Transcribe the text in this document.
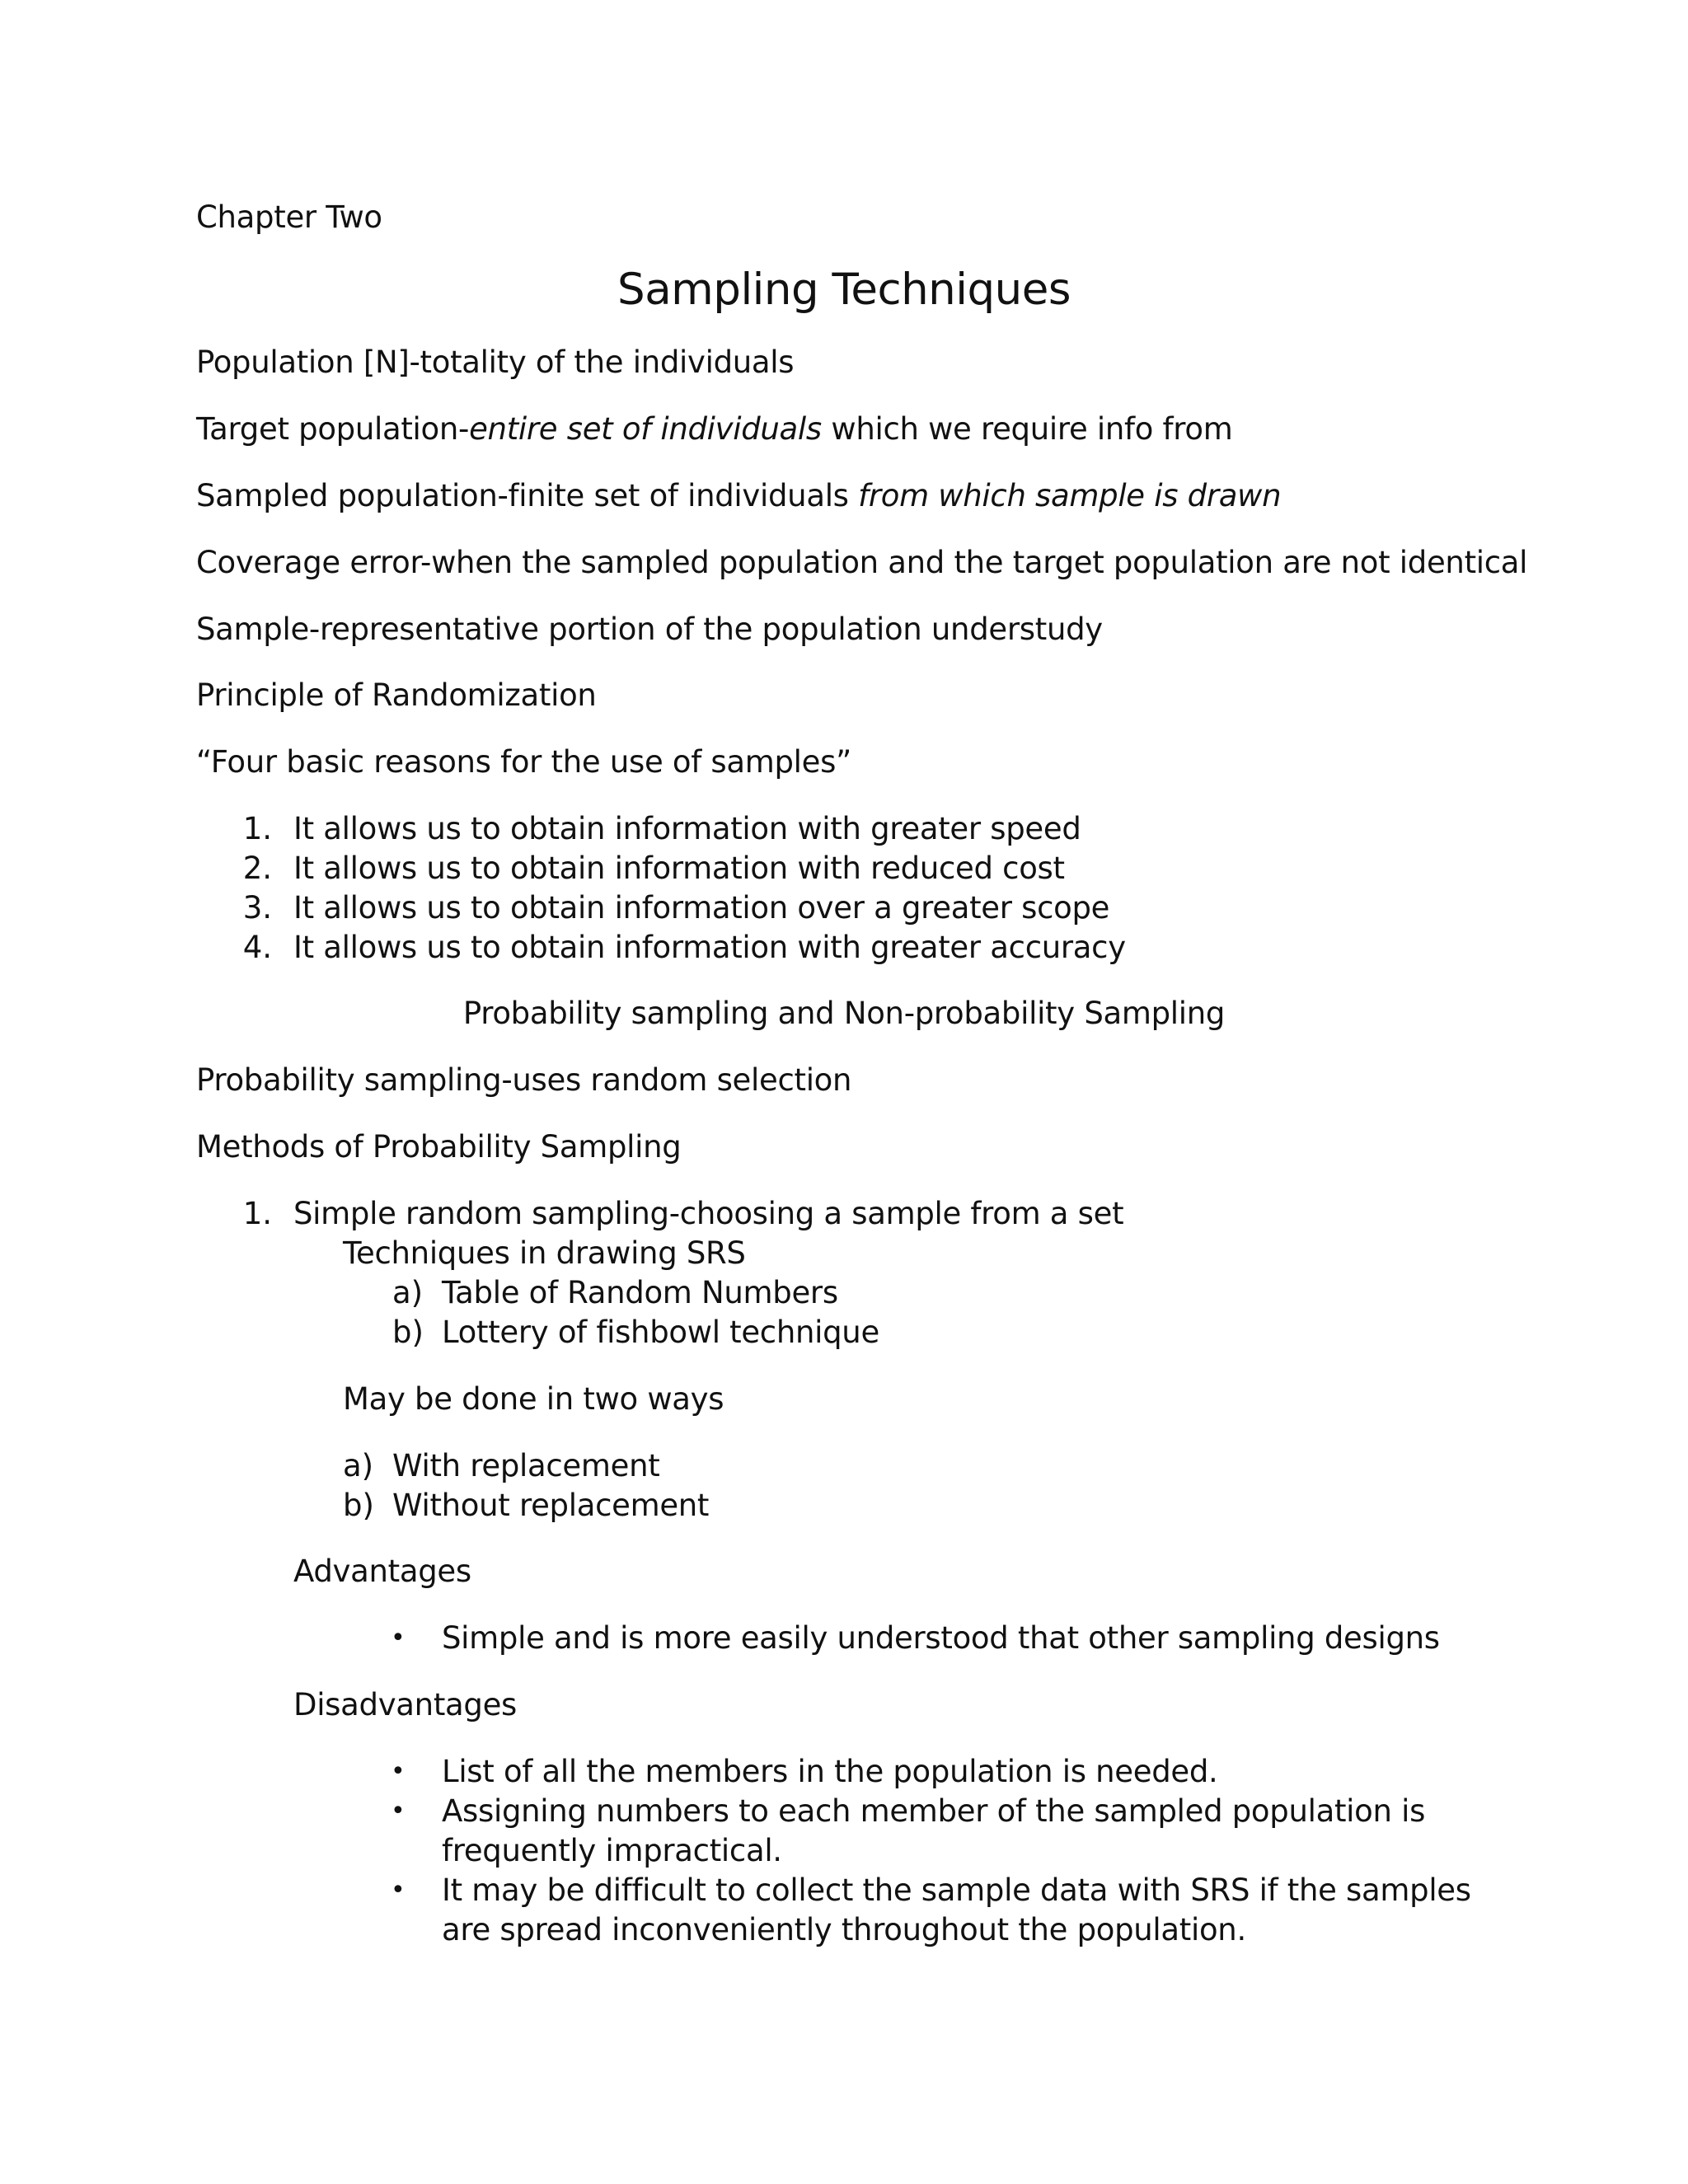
Chapter Two
Sampling Techniques
Population [N]-totality of the individuals
Target population-entire set of individuals which we require info from
Sampled population-finite set of individuals from which sample is drawn
Coverage error-when the sampled population and the target population are not identical
Sample-representative portion of the population understudy
Principle of Randomization
“Four basic reasons for the use of samples”
1. It allows us to obtain information with greater speed
2. It allows us to obtain information with reduced cost
3. It allows us to obtain information over a greater scope
4. It allows us to obtain information with greater accuracy
Probability sampling and Non-probability Sampling
Probability sampling-uses random selection
Methods of Probability Sampling
1. Simple random sampling-choosing a sample from a set
Techniques in drawing SRS
a) Table of Random Numbers
b) Lottery of fishbowl technique
May be done in two ways
a) With replacement
b) Without replacement
Advantages
• Simple and is more easily understood that other sampling designs
Disadvantages
• List of all the members in the population is needed.
• Assigning numbers to each member of the sampled population is
frequently impractical.
• It may be difficult to collect the sample data with SRS if the samples
are spread inconveniently throughout the population.
